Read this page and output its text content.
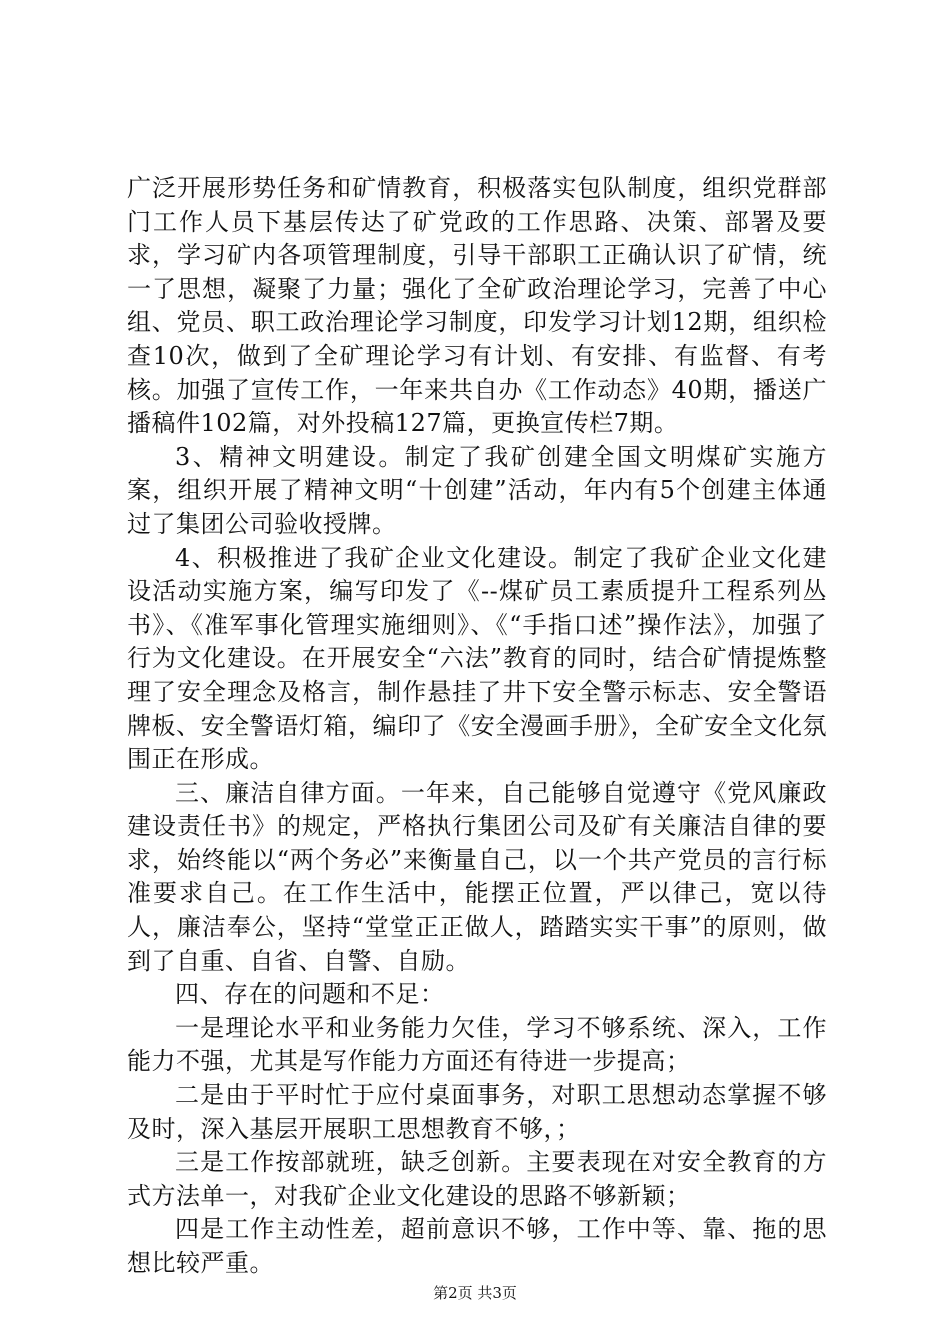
广泛开展形势任务和矿情教育，积极落实包队制度，组织党群部门工作人员下基层传达了矿党政的工作思路、决策、部署及要求，学习矿内各项管理制度，引导干部职工正确认识了矿情，统一了思想，凝聚了力量；强化了全矿政治理论学习，完善了中心组、党员、职工政治理论学习制度，印发学习计划12期，组织检查10次，做到了全矿理论学习有计划、有安排、有监督、有考核。加强了宣传工作，一年来共自办《工作动态》40期，播送广播稿件102篇，对外投稿127篇，更换宣传栏7期。

3、精神文明建设。制定了我矿创建全国文明煤矿实施方案，组织开展了精神文明“十创建”活动，年内有5个创建主体通过了集团公司验收授牌。

4、积极推进了我矿企业文化建设。制定了我矿企业文化建设活动实施方案，编写印发了《--煤矿员工素质提升工程系列丛书》、《准军事化管理实施细则》、《“手指口述”操作法》，加强了行为文化建设。在开展安全“六法”教育的同时，结合矿情提炼整理了安全理念及格言，制作悬挂了井下安全警示标志、安全警语牌板、安全警语灯箱，编印了《安全漫画手册》，全矿安全文化氛围正在形成。

三、廉洁自律方面。一年来，自己能够自觉遵守《党风廉政建设责任书》的规定，严格执行集团公司及矿有关廉洁自律的要求，始终能以“两个务必”来衡量自己，以一个共产党员的言行标准要求自己。在工作生活中，能摆正位置，严以律己，宽以待人，廉洁奉公，坚持“堂堂正正做人，踏踏实实干事”的原则，做到了自重、自省、自警、自励。

四、存在的问题和不足：

一是理论水平和业务能力欠佳，学习不够系统、深入，工作能力不强，尤其是写作能力方面还有待进一步提高；

二是由于平时忙于应付桌面事务，对职工思想动态掌握不够及时，深入基层开展职工思想教育不够，；

三是工作按部就班，缺乏创新。主要表现在对安全教育的方式方法单一，对我矿企业文化建设的思路不够新颖；

四是工作主动性差，超前意识不够，工作中等、靠、拖的思想比较严重。

第2页 共3页
